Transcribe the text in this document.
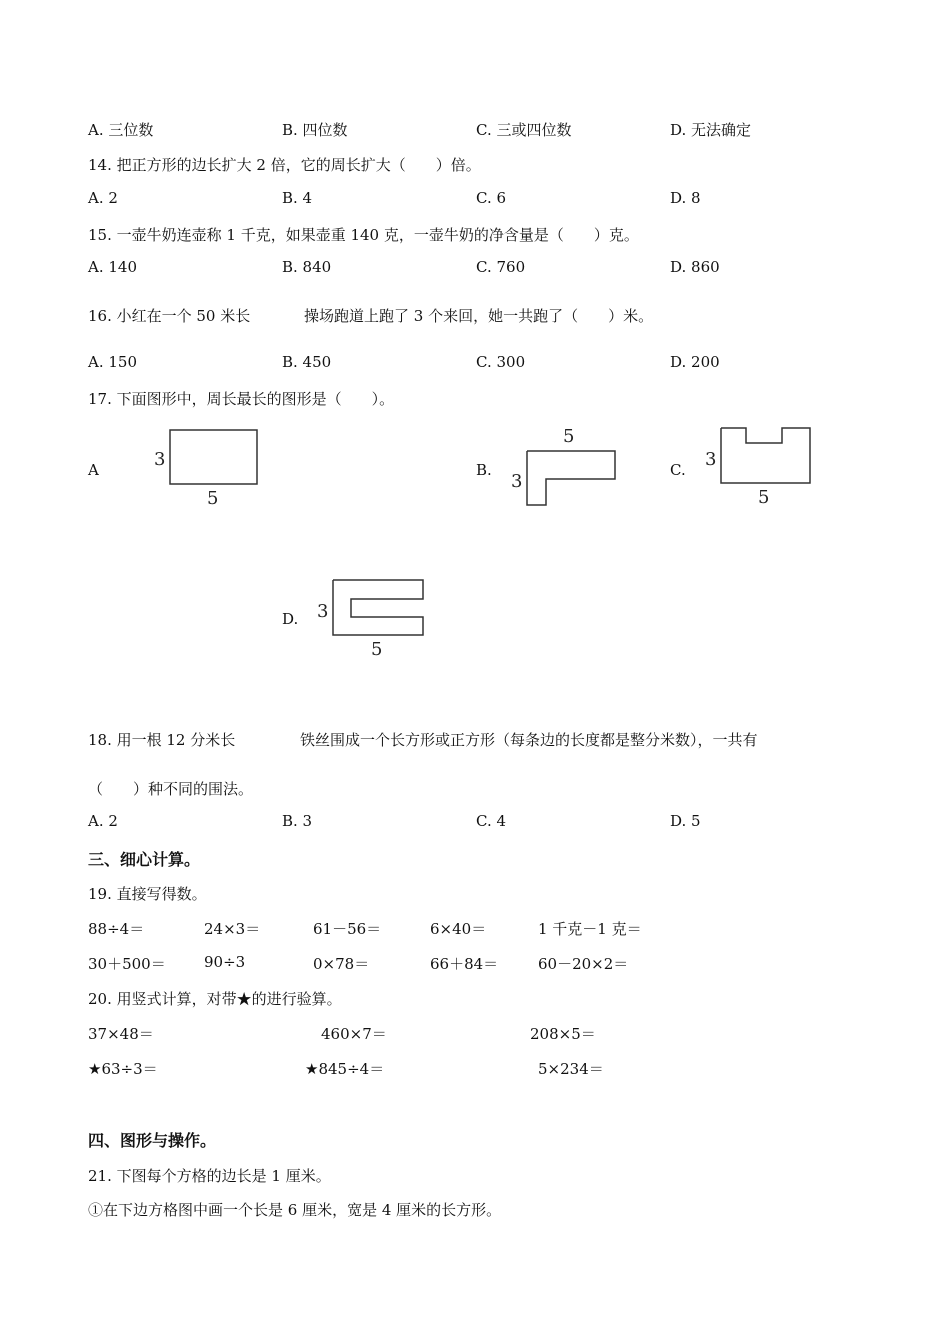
A. 三位数	B. 四位数	C. 三或四位数	D. 无法确定
14. 把正方形的边长扩大 2 倍，它的周长扩大（　　）倍。
A. 2	B. 4	C. 6	D. 8
15. 一壶牛奶连壶称 1 千克，如果壶重 140 克，一壶牛奶的净含量是（　　）克。
A. 140	B. 840	C. 760	D. 860
16. 小红在一个 50 米长	操场跑道上跑了 3 个来回，她一共跑了（　　）米。
A. 150	B. 450	C. 300	D. 200
17. 下面图形中，周长最长的图形是（　　）。
A	3
5
B.
5
3
C. 3
5
D. 3
5
18. 用一根 12 分米长	铁丝围成一个长方形或正方形（每条边的长度都是整分米数），一共有
（　　）种不同的围法。
A. 2	B. 3	C. 4	D. 5
三、细心计算。
19. 直接写得数。
88÷4＝	24×3＝	61－56＝	6×40＝	1 千克－1 克＝
30＋500＝	90÷3	0×78＝	66＋84＝	60－20×2＝
20. 用竖式计算，对带★的进行验算。
37×48＝	460×7＝	208×5＝
★63÷3＝	★845÷4＝	5×234＝
四、图形与操作。
21. 下图每个方格的边长是 1 厘米。
①在下边方格图中画一个长是 6 厘米，宽是 4 厘米的长方形。
